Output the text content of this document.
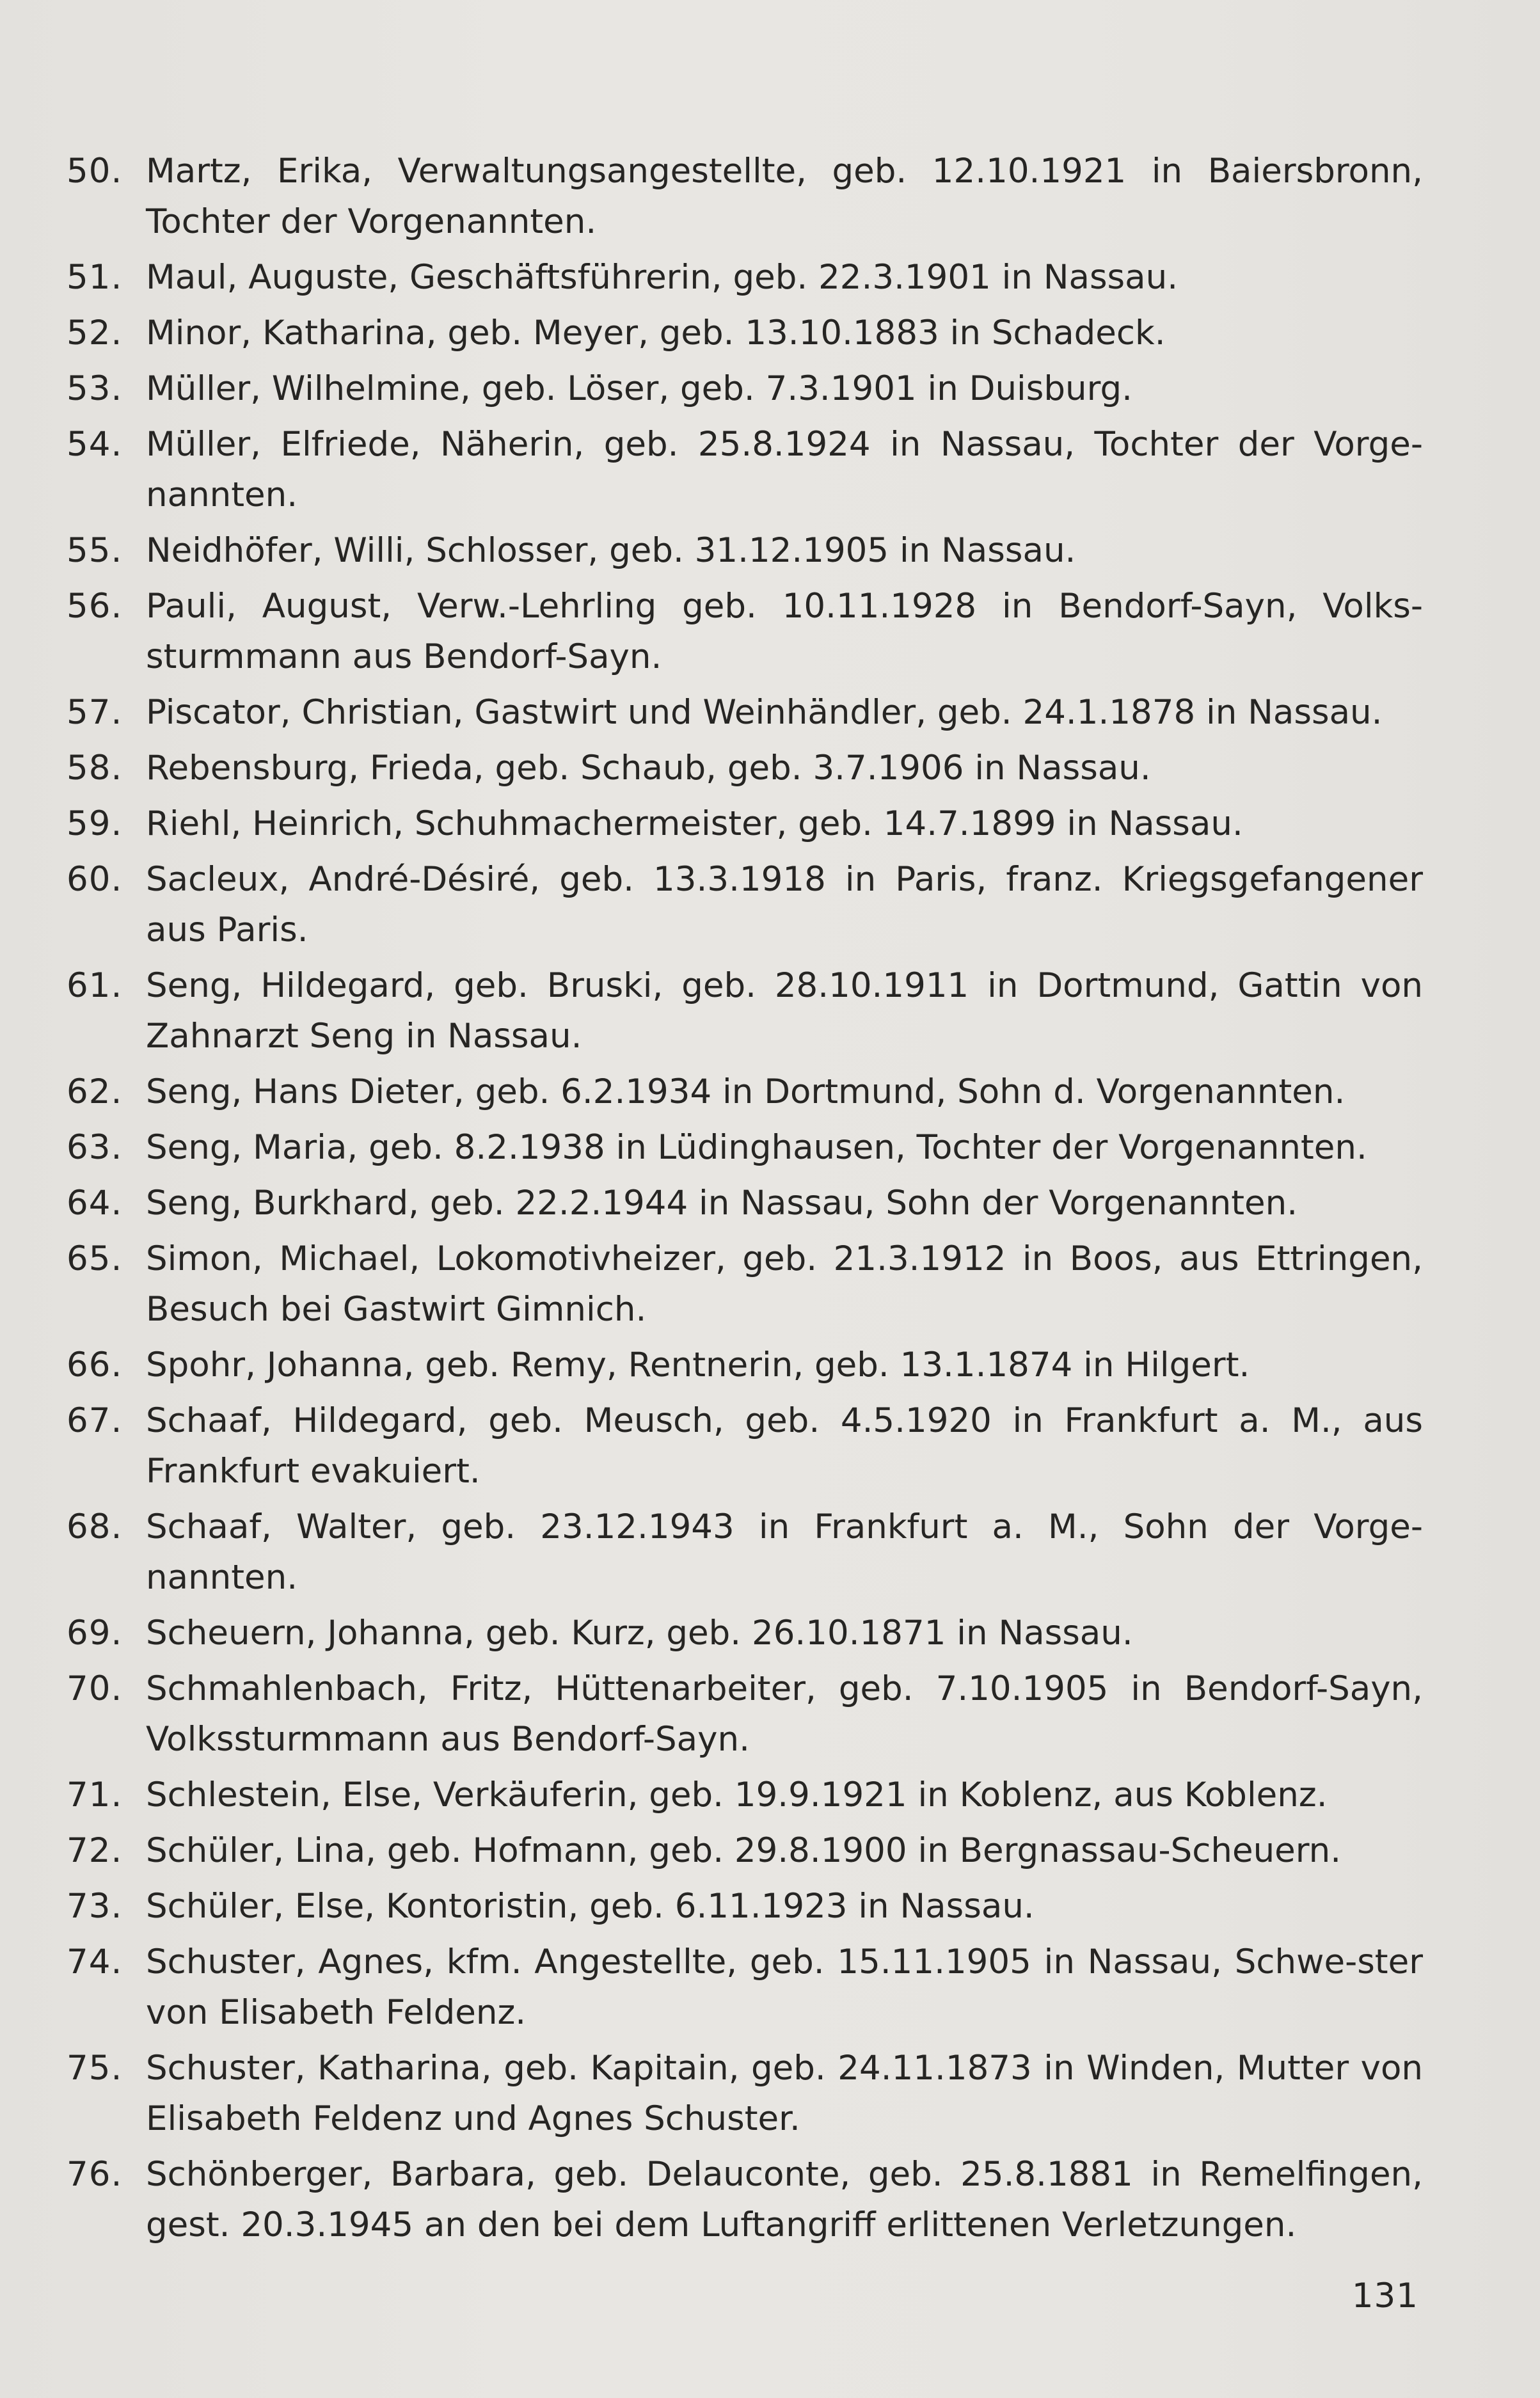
50. Martz, Erika, Verwaltungsangestellte, geb. 12.10.1921 in Baiersbronn, Tochter der Vorgenannten.
51. Maul, Auguste, Geschäftsführerin, geb. 22.3.1901 in Nassau.
52. Minor, Katharina, geb. Meyer, geb. 13.10.1883 in Schadeck.
53. Müller, Wilhelmine, geb. Löser, geb. 7.3.1901 in Duisburg.
54. Müller, Elfriede, Näherin, geb. 25.8.1924 in Nassau, Tochter der Vorge-nannten.
55. Neidhöfer, Willi, Schlosser, geb. 31.12.1905 in Nassau.
56. Pauli, August, Verw.-Lehrling geb. 10.11.1928 in Bendorf-Sayn, Volks-sturmmann aus Bendorf-Sayn.
57. Piscator, Christian, Gastwirt und Weinhändler, geb. 24.1.1878 in Nassau.
58. Rebensburg, Frieda, geb. Schaub, geb. 3.7.1906 in Nassau.
59. Riehl, Heinrich, Schuhmachermeister, geb. 14.7.1899 in Nassau.
60. Sacleux, André-Désiré, geb. 13.3.1918 in Paris, franz. Kriegsgefangener aus Paris.
61. Seng, Hildegard, geb. Bruski, geb. 28.10.1911 in Dortmund, Gattin von Zahnarzt Seng in Nassau.
62. Seng, Hans Dieter, geb. 6.2.1934 in Dortmund, Sohn d. Vorgenannten.
63. Seng, Maria, geb. 8.2.1938 in Lüdinghausen, Tochter der Vorgenannten.
64. Seng, Burkhard, geb. 22.2.1944 in Nassau, Sohn der Vorgenannten.
65. Simon, Michael, Lokomotivheizer, geb. 21.3.1912 in Boos, aus Ettringen, Besuch bei Gastwirt Gimnich.
66. Spohr, Johanna, geb. Remy, Rentnerin, geb. 13.1.1874 in Hilgert.
67. Schaaf, Hildegard, geb. Meusch, geb. 4.5.1920 in Frankfurt a. M., aus Frankfurt evakuiert.
68. Schaaf, Walter, geb. 23.12.1943 in Frankfurt a. M., Sohn der Vorge-nannten.
69. Scheuern, Johanna, geb. Kurz, geb. 26.10.1871 in Nassau.
70. Schmahlenbach, Fritz, Hüttenarbeiter, geb. 7.10.1905 in Bendorf-Sayn, Volkssturmmann aus Bendorf-Sayn.
71. Schlestein, Else, Verkäuferin, geb. 19.9.1921 in Koblenz, aus Koblenz.
72. Schüler, Lina, geb. Hofmann, geb. 29.8.1900 in Bergnassau-Scheuern.
73. Schüler, Else, Kontoristin, geb. 6.11.1923 in Nassau.
74. Schuster, Agnes, kfm. Angestellte, geb. 15.11.1905 in Nassau, Schwe-ster von Elisabeth Feldenz.
75. Schuster, Katharina, geb. Kapitain, geb. 24.11.1873 in Winden, Mutter von Elisabeth Feldenz und Agnes Schuster.
76. Schönberger, Barbara, geb. Delauconte, geb. 25.8.1881 in Remelfingen, gest. 20.3.1945 an den bei dem Luftangriff erlittenen Verletzungen.
131
